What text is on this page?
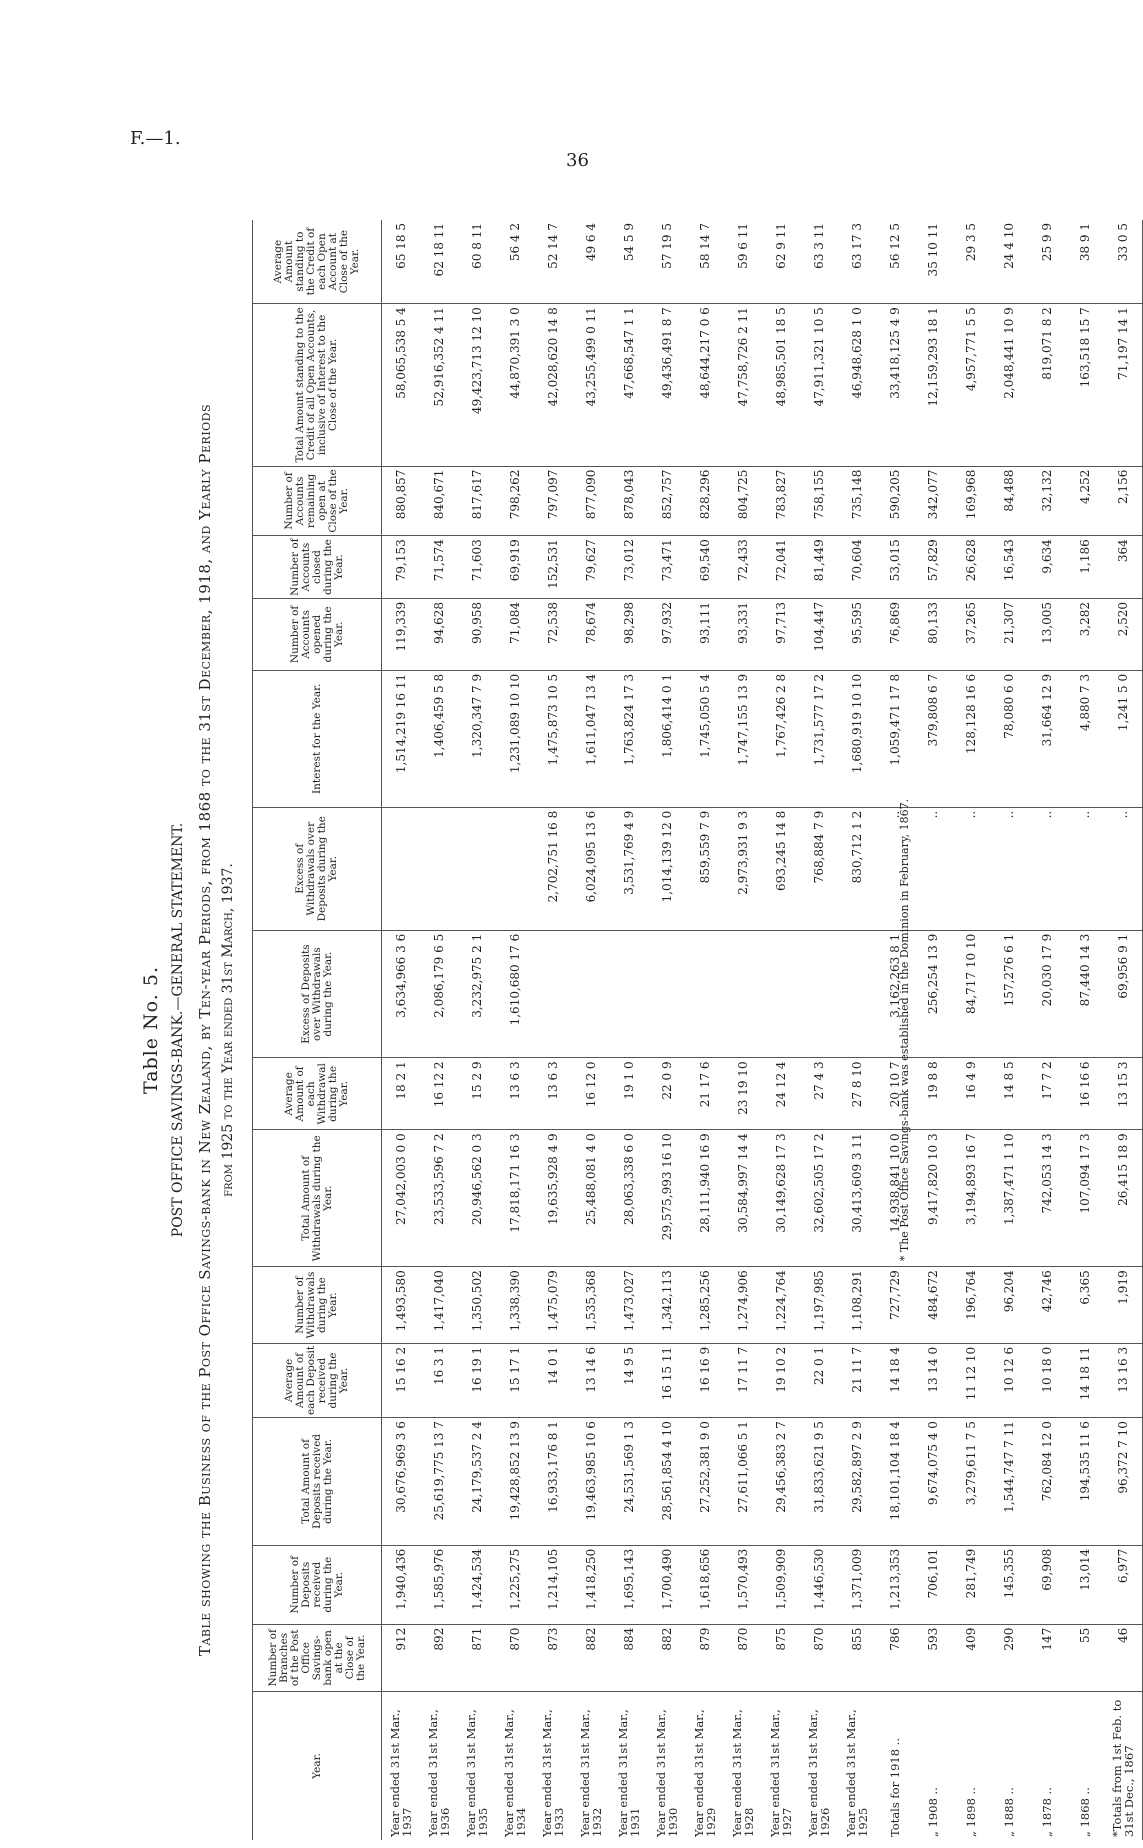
F.—1.
36
Table No. 5. POST OFFICE SAVINGS-BANK.—GENERAL STATEMENT. Table showing the Business of the Post Office Savings-bank in New Zealand, by Ten-year Periods, from 1868 to the 31st December, 1918, and Yearly Periods from 1925 to the Year ended 31st March, 1937.
Year.	Number of Branches of the Post Office Savings-bank open at the Close of the Year.	Number of Deposits received during the Year.	Total Amount of Deposits received during the Year.	Average Amount of each Deposit received during the Year.	Number of Withdrawals during the Year.	Total Amount of Withdrawals during the Year.	Average Amount of each Withdrawal during the Year.	Excess of Deposits over Withdrawals during the Year.	Excess of Withdrawals over Deposits during the Year.	Interest for the Year.	Number of Accounts opened during the Year.	Number of Accounts closed during the Year.	Number of Accounts remaining open at Close of the Year.	Total Amount standing to the Credit of all Open Accounts, inclusive of Interest to the Close of the Year.	Average Amount standing to the Credit of each Open Account at Close of the Year.
Year ended 31st Mar., 1937	912	1,940,436	30,676,969 3 6	15 16 2	1,493,580	27,042,003 0 0	18 2 1	3,634,966 3 6		1,514,219 16 11	119,339	79,153	880,857	58,065,538 5 4	65 18 5
Year ended 31st Mar., 1936	892	1,585,976	25,619,775 13 7	16 3 1	1,417,040	23,533,596 7 2	16 12 2	2,086,179 6 5		1,406,459 5 8	94,628	71,574	840,671	52,916,352 4 11	62 18 11
Year ended 31st Mar., 1935	871	1,424,534	24,179,537 2 4	16 19 1	1,350,502	20,946,562 0 3	15 2 9	3,232,975 2 1		1,320,347 7 9	90,958	71,603	817,617	49,423,713 12 10	60 8 11
Year ended 31st Mar., 1934	870	1,225,275	19,428,852 13 9	15 17 1	1,338,390	17,818,171 16 3	13 6 3	1,610,680 17 6		1,231,089 10 10	71,084	69,919	798,262	44,870,391 3 0	56 4 2
Year ended 31st Mar., 1933	873	1,214,105	16,933,176 8 1	14 0 1	1,475,079	19,635,928 4 9	13 6 3		2,702,751 16 8	1,475,873 10 5	72,538	152,531	797,097	42,028,620 14 8	52 14 7
Year ended 31st Mar., 1932	882	1,418,250	19,463,985 10 6	13 14 6	1,535,368	25,488,081 4 0	16 12 0		6,024,095 13 6	1,611,047 13 4	78,674	79,627	877,090	43,255,499 0 11	49 6 4
Year ended 31st Mar., 1931	884	1,695,143	24,531,569 1 3	14 9 5	1,473,027	28,063,338 6 0	19 1 0		3,531,769 4 9	1,763,824 17 3	98,298	73,012	878,043	47,668,547 1 1	54 5 9
Year ended 31st Mar., 1930	882	1,700,490	28,561,854 4 10	16 15 11	1,342,113	29,575,993 16 10	22 0 9		1,014,139 12 0	1,806,414 0 1	97,932	73,471	852,757	49,436,491 8 7	57 19 5
Year ended 31st Mar., 1929	879	1,618,656	27,252,381 9 0	16 16 9	1,285,256	28,111,940 16 9	21 17 6		859,559 7 9	1,745,050 5 4	93,111	69,540	828,296	48,644,217 0 6	58 14 7
Year ended 31st Mar., 1928	870	1,570,493	27,611,066 5 1	17 11 7	1,274,906	30,584,997 14 4	23 19 10		2,973,931 9 3	1,747,155 13 9	93,331	72,433	804,725	47,758,726 2 11	59 6 11
Year ended 31st Mar., 1927	875	1,509,909	29,456,383 2 7	19 10 2	1,224,764	30,149,628 17 3	24 12 4		693,245 14 8	1,767,426 2 8	97,713	72,041	783,827	48,985,501 18 5	62 9 11
Year ended 31st Mar., 1926	870	1,446,530	31,833,621 9 5	22 0 1	1,197,985	32,602,505 17 2	27 4 3		768,884 7 9	1,731,577 17 2	104,447	81,449	758,155	47,911,321 10 5	63 3 11
Year ended 31st Mar., 1925	855	1,371,009	29,582,897 2 9	21 11 7	1,108,291	30,413,609 3 11	27 8 10		830,712 1 2	1,680,919 10 10	95,595	70,604	735,148	46,948,628 1 0	63 17 3
Totals for 1918 ..	786	1,213,353	18,101,104 18 4	14 18 4	727,729	14,938,841 10 0	20 10 7	3,162,263 8 1	..	1,059,471 17 8	76,869	53,015	590,205	33,418,125 4 9	56 12 5
„ 1908 ..	593	706,101	9,674,075 4 0	13 14 0	484,672	9,417,820 10 3	19 8 8	256,254 13 9	..	379,808 6 7	80,133	57,829	342,077	12,159,293 18 1	35 10 11
„ 1898 ..	409	281,749	3,279,611 7 5	11 12 10	196,764	3,194,893 16 7	16 4 9	84,717 10 10	..	128,128 16 6	37,265	26,628	169,968	4,957,771 5 5	29 3 5
„ 1888 ..	290	145,355	1,544,747 7 11	10 12 6	96,204	1,387,471 1 10	14 8 5	157,276 6 1	..	78,080 6 0	21,307	16,543	84,488	2,048,441 10 9	24 4 10
„ 1878 ..	147	69,908	762,084 12 0	10 18 0	42,746	742,053 14 3	17 7 2	20,030 17 9	..	31,664 12 9	13,005	9,634	32,132	819,071 8 2	25 9 9
„ 1868 ..	55	13,014	194,535 11 6	14 18 11	6,365	107,094 17 3	16 16 6	87,440 14 3	..	4,880 7 3	3,282	1,186	4,252	163,518 15 7	38 9 1
*Totals from 1st Feb. to 31st Dec., 1867	46	6,977	96,372 7 10	13 16 3	1,919	26,415 18 9	13 15 3	69,956 9 1	..	1,241 5 0	2,520	364	2,156	71,197 14 1	33 0 5
* The Post Office Savings-bank was established in the Dominion in February, 1867.
